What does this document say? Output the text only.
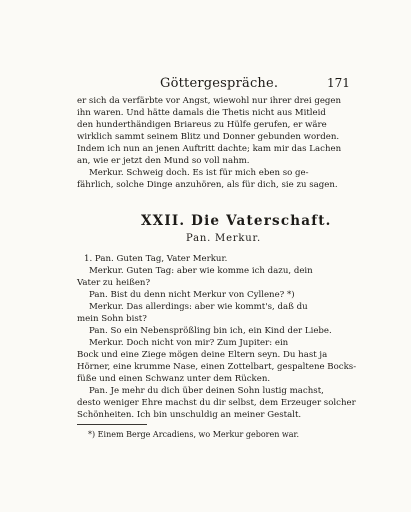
Göttergespräche.	171
er sich da verfärbte vor Angst, wiewohl nur ihrer drei gegen
ihn waren. Und hätte damals die Thetis nicht aus Mitleid
den hunderthändigen Briareus zu Hülfe gerufen, er wäre
wirklich sammt seinem Blitz und Donner gebunden worden.
Indem ich nun an jenen Auftritt dachte; kam mir das Lachen
an, wie er jetzt den Mund so voll nahm.
Merkur. Schweig doch. Es ist für mich eben so ge-
fährlich, solche Dinge anzuhören, als für dich, sie zu sagen.
XXII. Die Vaterschaft.
Pan. Merkur.
1. Pan. Guten Tag, Vater Merkur.
Merkur. Guten Tag: aber wie komme ich dazu, dein
Vater zu heißen?
Pan. Bist du denn nicht Merkur von Cyllene? *)
Merkur. Das allerdings: aber wie kommt's, daß du
mein Sohn bist?
Pan. So ein Nebensprößling bin ich, ein Kind der Liebe.
Merkur. Doch nicht von mir? Zum Jupiter: ein
Bock und eine Ziege mögen deine Eltern seyn. Du hast ja
Hörner, eine krumme Nase, einen Zottelbart, gespaltene Bocks-
füße und einen Schwanz unter dem Rücken.
Pan. Je mehr du dich über deinen Sohn lustig machst,
desto weniger Ehre machst du dir selbst, dem Erzeuger solcher
Schönheiten. Ich bin unschuldig an meiner Gestalt.
*) Einem Berge Arcadiens, wo Merkur geboren war.
